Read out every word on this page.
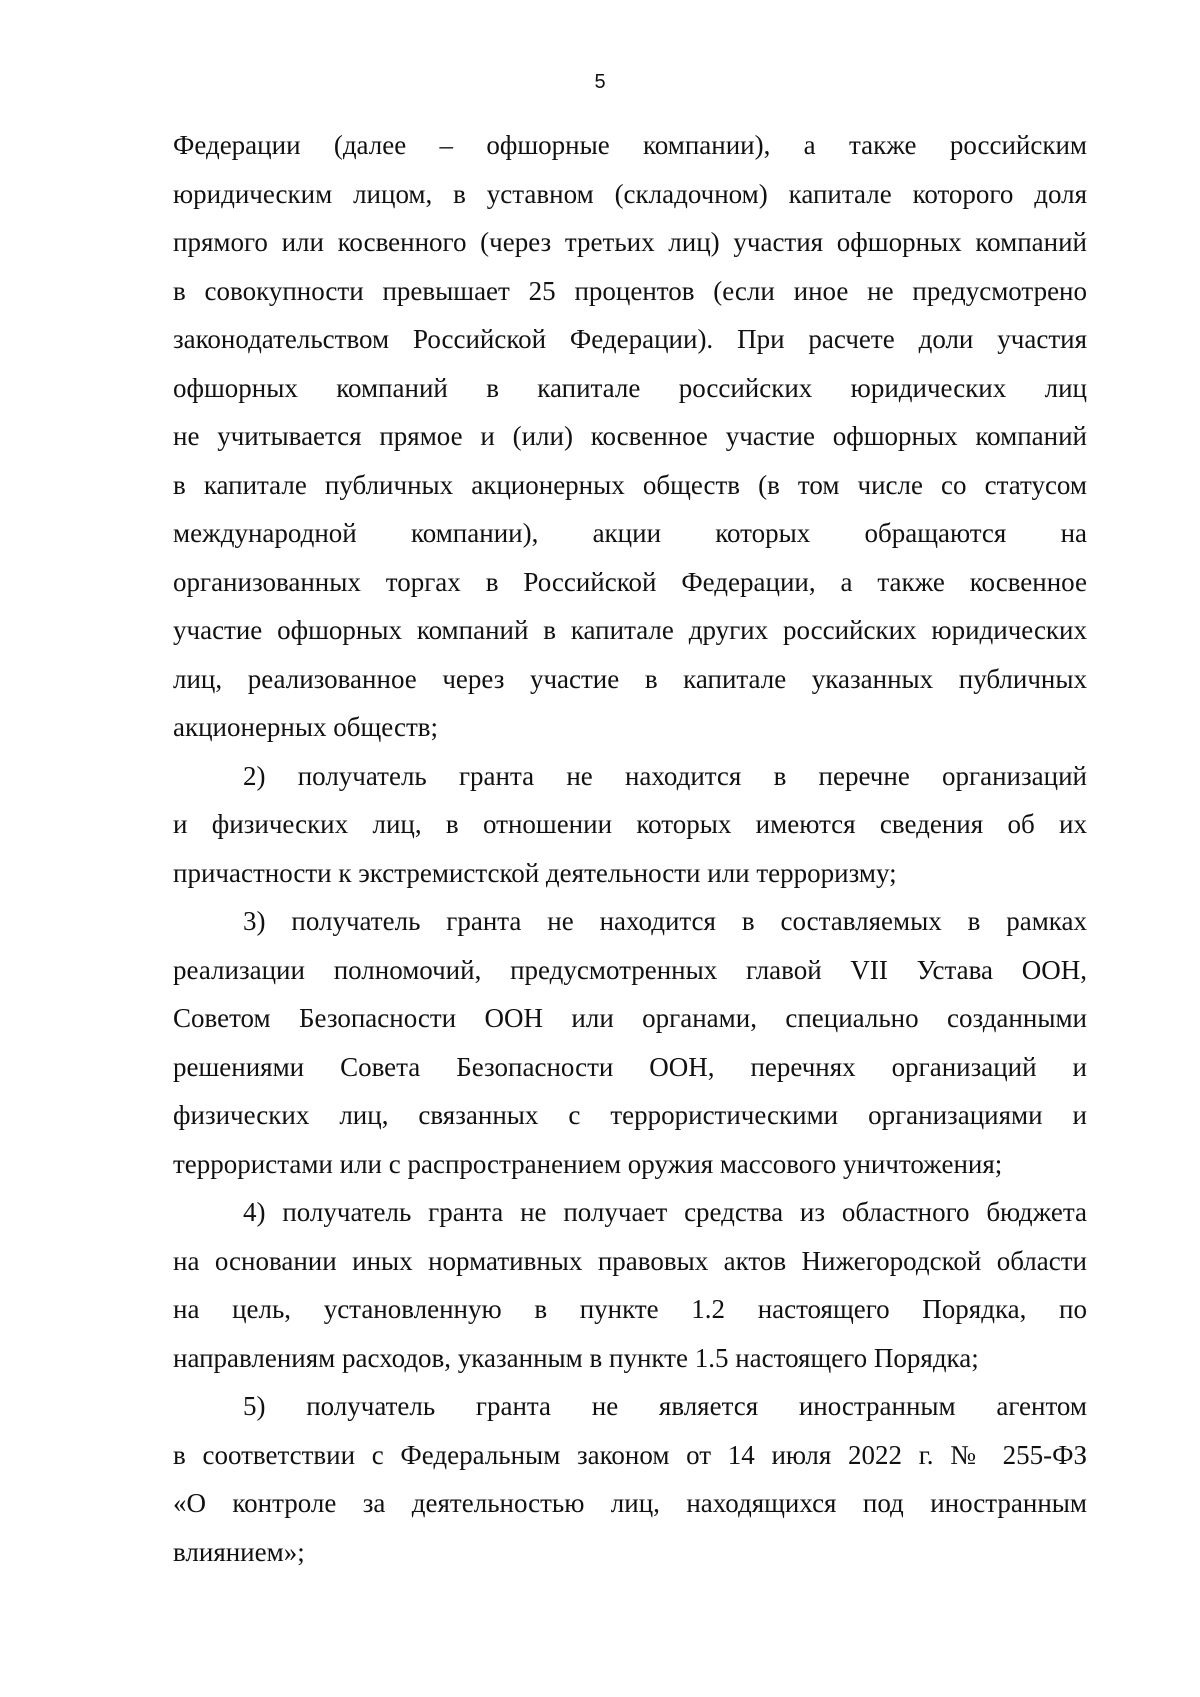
5
Федерации (далее – офшорные компании), а также российским
юридическим лицом, в уставном (складочном) капитале которого доля
прямого или косвенного (через третьих лиц) участия офшорных компаний
в совокупности превышает 25 процентов (если иное не предусмотрено
законодательством Российской Федерации). При расчете доли участия
офшорных компаний в капитале российских юридических лиц
не учитывается прямое и (или) косвенное участие офшорных компаний
в капитале публичных акционерных обществ (в том числе со статусом
международной компании), акции которых обращаются на
организованных торгах в Российской Федерации, а также косвенное
участие офшорных компаний в капитале других российских юридических
лиц, реализованное через участие в капитале указанных публичных
акционерных обществ;
2) получатель гранта не находится в перечне организаций
и физических лиц, в отношении которых имеются сведения об их
причастности к экстремистской деятельности или терроризму;
3) получатель гранта не находится в составляемых в рамках
реализации полномочий, предусмотренных главой VII Устава ООН,
Советом Безопасности ООН или органами, специально созданными
решениями Совета Безопасности ООН, перечнях организаций и
физических лиц, связанных с террористическими организациями и
террористами или с распространением оружия массового уничтожения;
4) получатель гранта не получает средства из областного бюджета
на основании иных нормативных правовых актов Нижегородской области
на цель, установленную в пункте 1.2 настоящего Порядка, по
направлениям расходов, указанным в пункте 1.5 настоящего Порядка;
5) получатель гранта не является иностранным агентом
в соответствии с Федеральным законом от 14 июля 2022 г. № 255-ФЗ
«О контроле за деятельностью лиц, находящихся под иностранным
влиянием»;
